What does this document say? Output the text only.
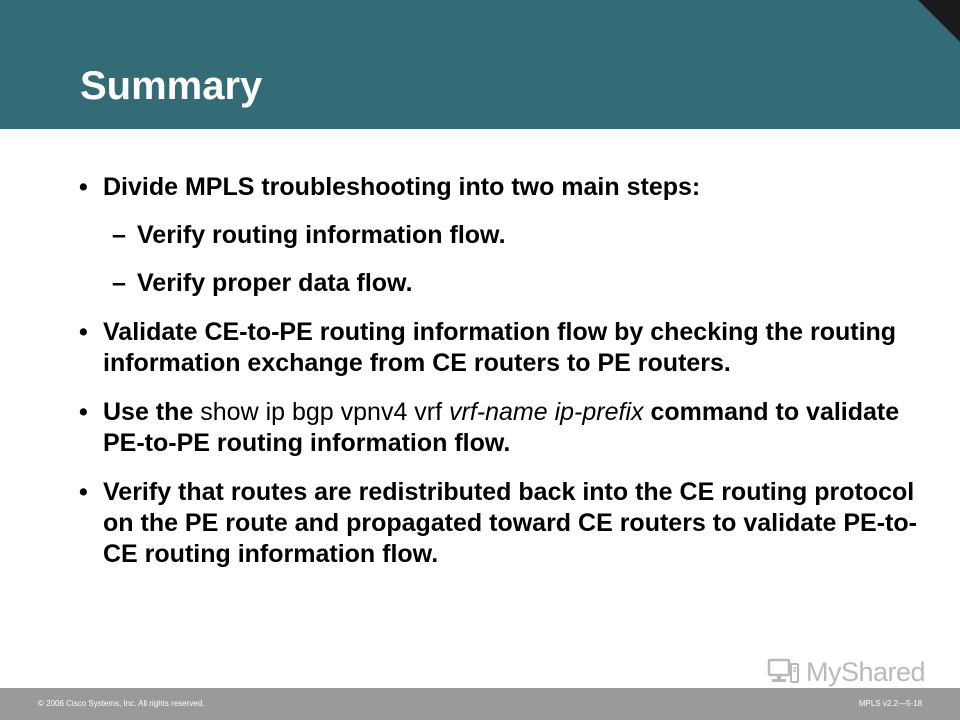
Summary
• Divide MPLS troubleshooting into two main steps:
– Verify routing information flow.
– Verify proper data flow.
• Validate CE-to-PE routing information flow by checking the routing information exchange from CE routers to PE routers.
• Use the show ip bgp vpnv4 vrf vrf-name ip-prefix command to validate PE-to-PE routing information flow.
• Verify that routes are redistributed back into the CE routing protocol on the PE route and propagated toward CE routers to validate PE-to-CE routing information flow.
MyShared
© 2006 Cisco Systems, Inc. All rights reserved.	MPLS v2.2—5-18
